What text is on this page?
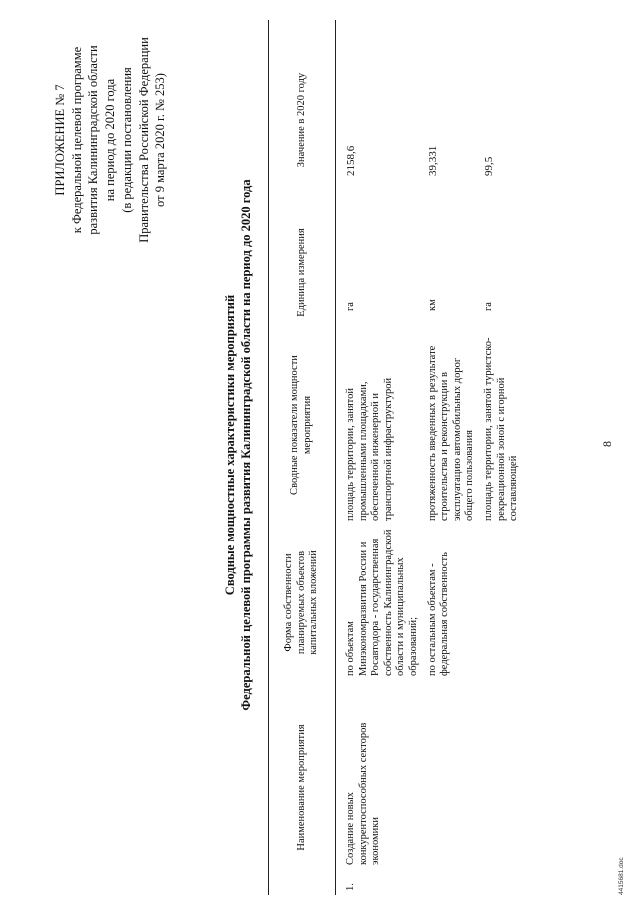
8
ПРИЛОЖЕНИЕ № 7 к Федеральной целевой программе развития Калининградской области на период до 2020 года (в редакции постановления Правительства Российской Федерации от 9 марта 2020 г. № 253)
Сводные мощностные характеристики мероприятий Федеральной целевой программы развития Калининградской области на период до 2020 года
Наименование мероприятия	Форма собственности планируемых объектов капитальных вложений	Сводные показатели мощности мероприятия	Единица измерения	Значение в 2020 году
1.Создание новых конкурентоспособных секторов экономики	по объектам Минэкономразвития России и Росавтодора - государственная собственность Калининградской области и муниципальных образований;	площадь территории, занятой промышленными площадками, обеспеченной инженерной и транспортной инфраструктурой	га	2158,6
	по остальным объектам - федеральная собственность	протяженность введенных в результате строительства и реконструкции в эксплуатацию автомобильных дорог общего пользования	км	39,331
		площадь территории, занятой туристско-рекреационной зоной с игорной составляющей	га	99,5
4415681.doc
